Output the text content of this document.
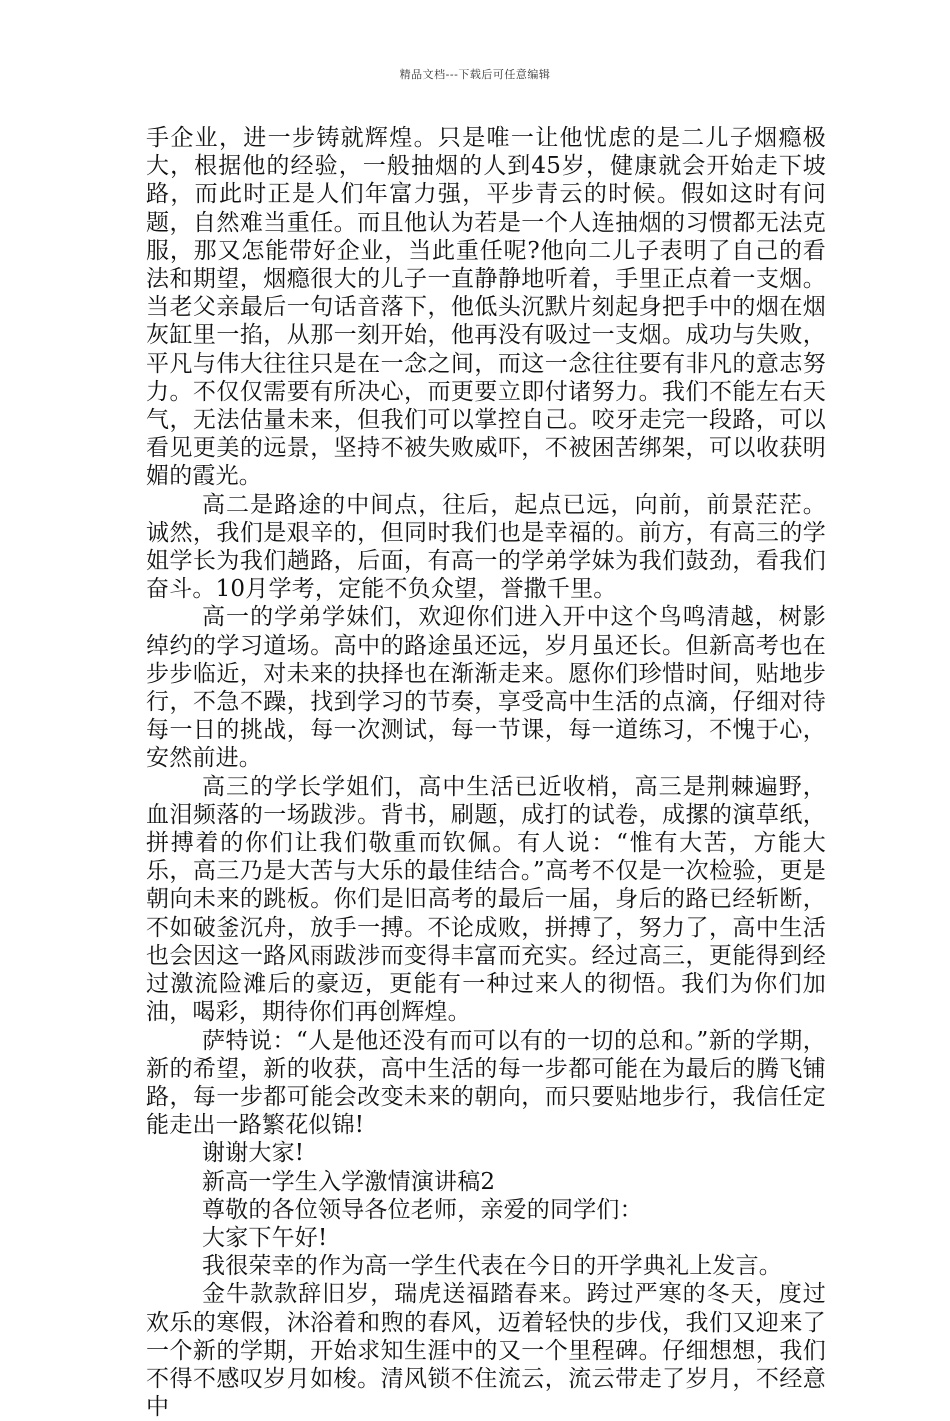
精品文档---下载后可任意编辑

手企业，进一步铸就辉煌。只是唯一让他忧虑的是二儿子烟瘾极大，根据他的经验，一般抽烟的人到45岁，健康就会开始走下坡路，而此时正是人们年富力强，平步青云的时候。假如这时有问题，自然难当重任。而且他认为若是一个人连抽烟的习惯都无法克服，那又怎能带好企业，当此重任呢?他向二儿子表明了自己的看法和期望，烟瘾很大的儿子一直静静地听着，手里正点着一支烟。当老父亲最后一句话音落下，他低头沉默片刻起身把手中的烟在烟灰缸里一掐，从那一刻开始，他再没有吸过一支烟。成功与失败，平凡与伟大往往只是在一念之间，而这一念往往要有非凡的意志努力。不仅仅需要有所决心，而更要立即付诸努力。我们不能左右天气，无法估量未来，但我们可以掌控自己。咬牙走完一段路，可以看见更美的远景，坚持不被失败威吓，不被困苦绑架，可以收获明媚的霞光。

高二是路途的中间点，往后，起点已远，向前，前景茫茫。诚然，我们是艰辛的，但同时我们也是幸福的。前方，有高三的学姐学长为我们趟路，后面，有高一的学弟学妹为我们鼓劲，看我们奋斗。10月学考，定能不负众望，誉撒千里。

高一的学弟学妹们，欢迎你们进入开中这个鸟鸣清越，树影绰约的学习道场。高中的路途虽还远，岁月虽还长。但新高考也在步步临近，对未来的抉择也在渐渐走来。愿你们珍惜时间，贴地步行，不急不躁，找到学习的节奏，享受高中生活的点滴，仔细对待每一日的挑战，每一次测试，每一节课，每一道练习，不愧于心，安然前进。

高三的学长学姐们，高中生活已近收梢，高三是荆棘遍野，血泪频落的一场跋涉。背书，刷题，成打的试卷，成摞的演草纸，拼搏着的你们让我们敬重而钦佩。有人说：“惟有大苦，方能大乐，高三乃是大苦与大乐的最佳结合。”高考不仅是一次检验，更是朝向未来的跳板。你们是旧高考的最后一届，身后的路已经斩断，不如破釜沉舟，放手一搏。不论成败，拼搏了，努力了，高中生活也会因这一路风雨跋涉而变得丰富而充实。经过高三，更能得到经过激流险滩后的豪迈，更能有一种过来人的彻悟。我们为你们加油，喝彩，期待你们再创辉煌。

萨特说：“人是他还没有而可以有的一切的总和。”新的学期，新的希望，新的收获，高中生活的每一步都可能在为最后的腾飞铺路，每一步都可能会改变未来的朝向，而只要贴地步行，我信任定能走出一路繁花似锦!

谢谢大家!

新高一学生入学激情演讲稿2

尊敬的各位领导各位老师，亲爱的同学们：

大家下午好!

我很荣幸的作为高一学生代表在今日的开学典礼上发言。

金牛款款辞旧岁，瑞虎送福踏春来。跨过严寒的冬天，度过欢乐的寒假，沐浴着和煦的春风，迈着轻快的步伐，我们又迎来了一个新的学期，开始求知生涯中的又一个里程碑。仔细想想，我们不得不感叹岁月如梭。清风锁不住流云，流云带走了岁月，不经意中
